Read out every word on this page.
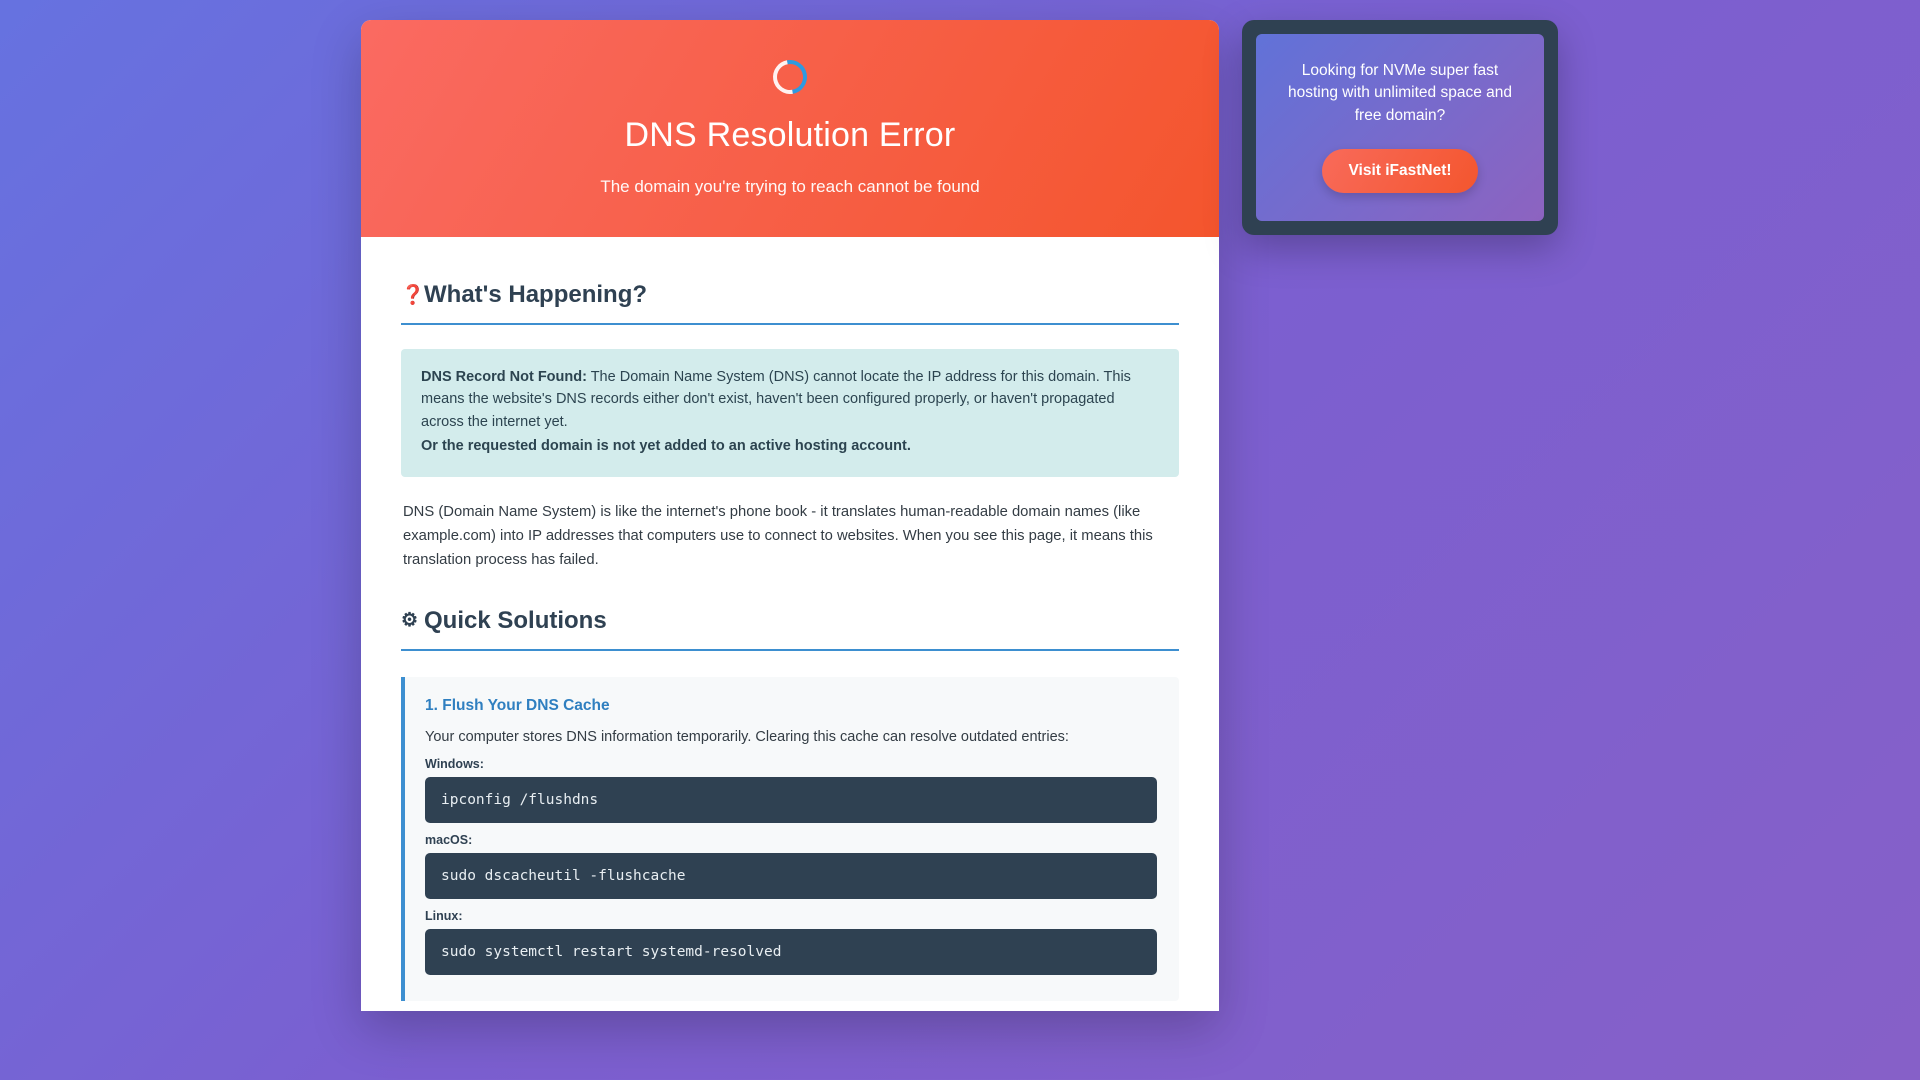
DNS Resolution Error

The domain you're trying to reach cannot be found

❓ What's Happening?
DNS Record Not Found: The Domain Name System (DNS) cannot locate the IP address for this domain. This means the website's DNS records either don't exist, haven't been configured properly, or haven't propagated across the internet yet.
Or the requested domain is not yet added to an active hosting account.

DNS (Domain Name System) is like the internet's phone book - it translates human-readable domain names (like example.com) into IP addresses that computers use to connect to websites. When you see this page, it means this translation process has failed.

⚙ Quick Solutions
1. Flush Your DNS Cache

Your computer stores DNS information temporarily. Clearing this cache can resolve outdated entries:

Windows:
ipconfig /flushdns
macOS:
sudo dscacheutil -flushcache
Linux:
sudo systemctl restart systemd-resolved

Looking for NVMe super fast hosting with unlimited space and free domain?

Visit iFastNet!
